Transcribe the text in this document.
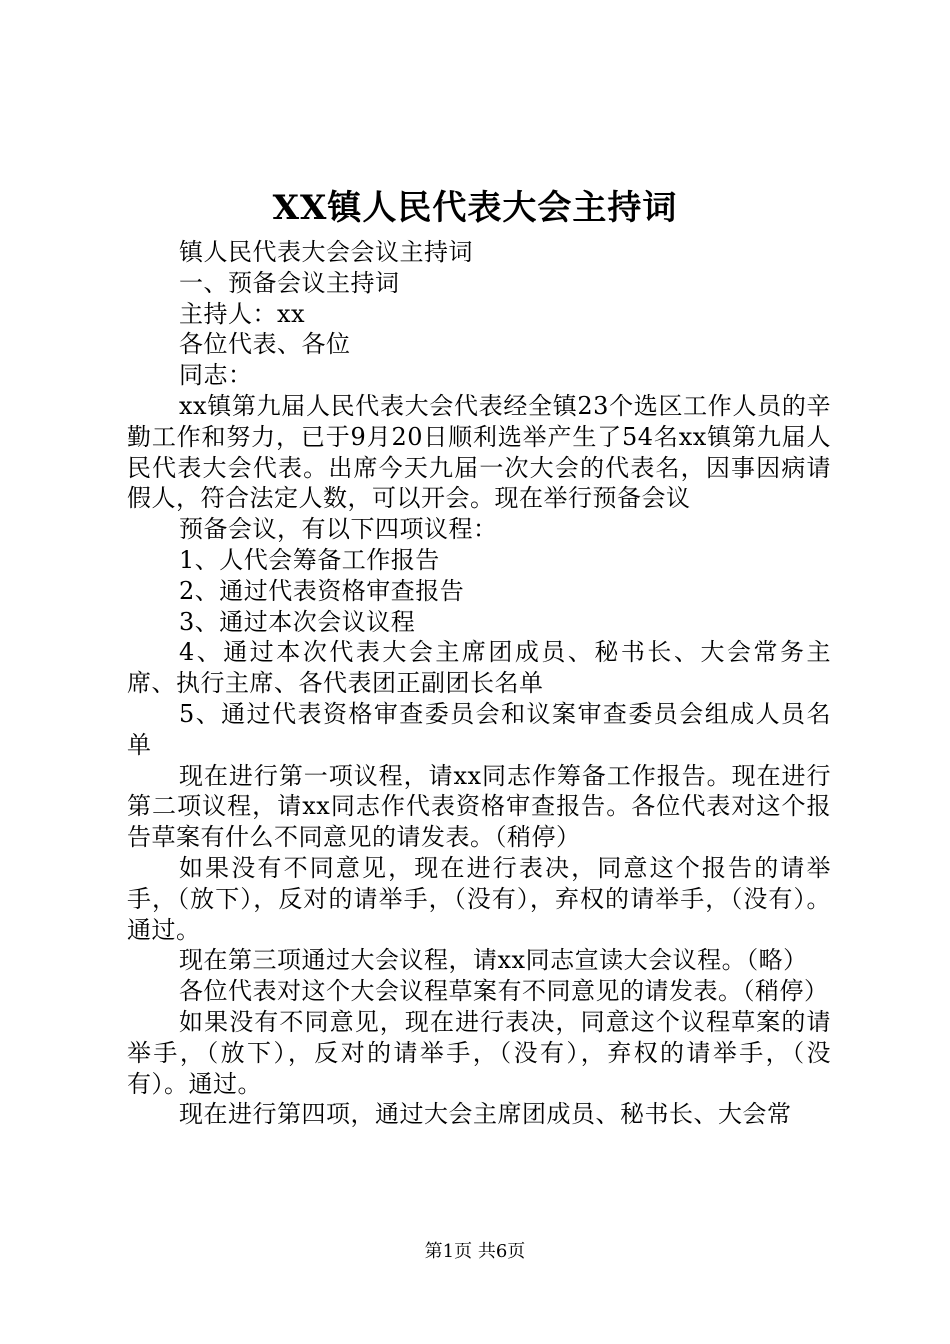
XX镇人民代表大会主持词

镇人民代表大会会议主持词

一、预备会议主持词

主持人：xx

各位代表、各位

同志：

xx镇第九届人民代表大会代表经全镇23个选区工作人员的辛勤工作和努力，已于9月20日顺利选举产生了54名xx镇第九届人民代表大会代表。出席今天九届一次大会的代表名，因事因病请假人，符合法定人数，可以开会。现在举行预备会议

预备会议，有以下四项议程：

1、人代会筹备工作报告

2、通过代表资格审查报告

3、通过本次会议议程

4、通过本次代表大会主席团成员、秘书长、大会常务主席、执行主席、各代表团正副团长名单

5、通过代表资格审查委员会和议案审查委员会组成人员名单

现在进行第一项议程，请xx同志作筹备工作报告。现在进行第二项议程，请xx同志作代表资格审查报告。各位代表对这个报告草案有什么不同意见的请发表。（稍停）

如果没有不同意见，现在进行表决，同意这个报告的请举手，（放下），反对的请举手，（没有），弃权的请举手，（没有）。通过。

现在第三项通过大会议程，请xx同志宣读大会议程。（略）

各位代表对这个大会议程草案有不同意见的请发表。（稍停）

如果没有不同意见，现在进行表决，同意这个议程草案的请举手，（放下），反对的请举手，（没有），弃权的请举手，（没有）。通过。

现在进行第四项，通过大会主席团成员、秘书长、大会常

第1页 共6页
